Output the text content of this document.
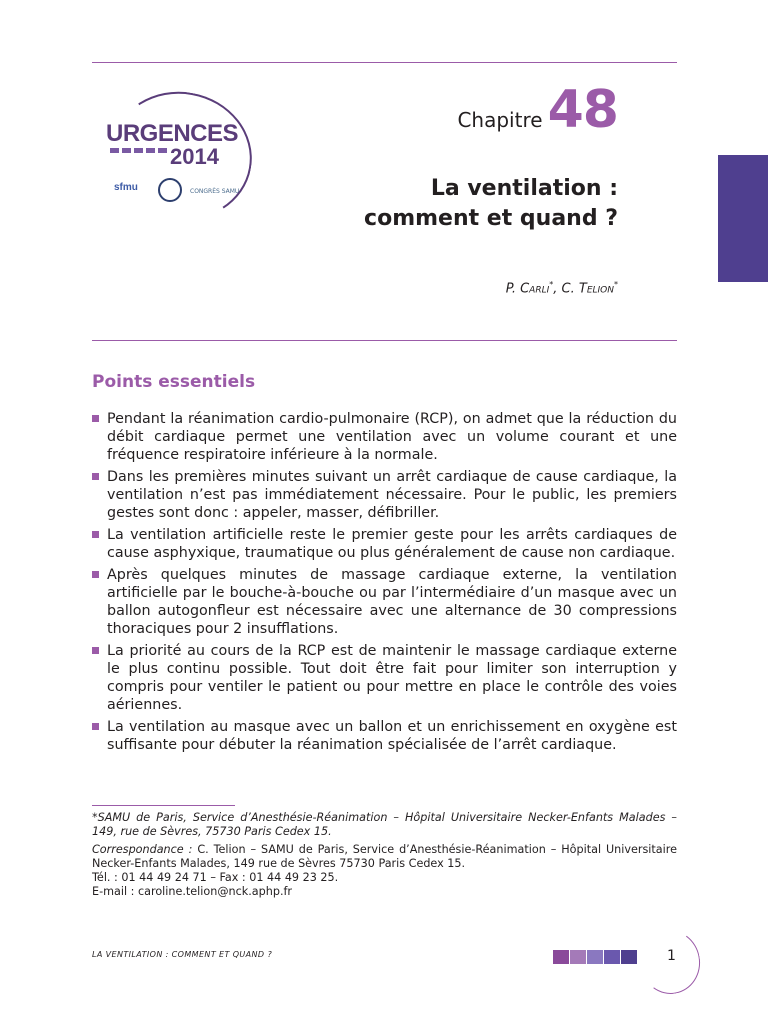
URGENCES
2014
sfmu	CONGRÈS SAMU
Chapitre 48
La ventilation :
comment et quand ?
P. Carli*, C. Telion*
Points essentiels
Pendant la réanimation cardio-pulmonaire (RCP), on admet que la réduction du débit cardiaque permet une ventilation avec un volume courant et une fréquence respiratoire inférieure à la normale.
Dans les premières minutes suivant un arrêt cardiaque de cause cardiaque, la ventilation n’est pas immédiatement nécessaire. Pour le public, les premiers gestes sont donc : appeler, masser, défibriller.
La ventilation artificielle reste le premier geste pour les arrêts cardiaques de cause asphyxique, traumatique ou plus généralement de cause non cardiaque.
Après quelques minutes de massage cardiaque externe, la ventilation artificielle par le bouche-à-bouche ou par l’intermédiaire d’un masque avec un ballon autogonfleur est nécessaire avec une alternance de 30 compressions thoraciques pour 2 insufflations.
La priorité au cours de la RCP est de maintenir le massage cardiaque externe le plus continu possible. Tout doit être fait pour limiter son interruption y compris pour ventiler le patient ou pour mettre en place le contrôle des voies aériennes.
La ventilation au masque avec un ballon et un enrichissement en oxygène est suffisante pour débuter la réanimation spécialisée de l’arrêt cardiaque.

*SAMU de Paris, Service d’Anesthésie-Réanimation – Hôpital Universitaire Necker-Enfants Malades – 149, rue de Sèvres, 75730 Paris Cedex 15.

Correspondance : C. Telion – SAMU de Paris, Service d’Anesthésie-Réanimation – Hôpital Universitaire Necker-Enfants Malades, 149 rue de Sèvres 75730 Paris Cedex 15.

Tél. : 01 44 49 24 71 – Fax : 01 44 49 23 25.

E-mail : caroline.telion@nck.aphp.fr

LA VENTILATION : COMMENT ET QUAND ?	1
